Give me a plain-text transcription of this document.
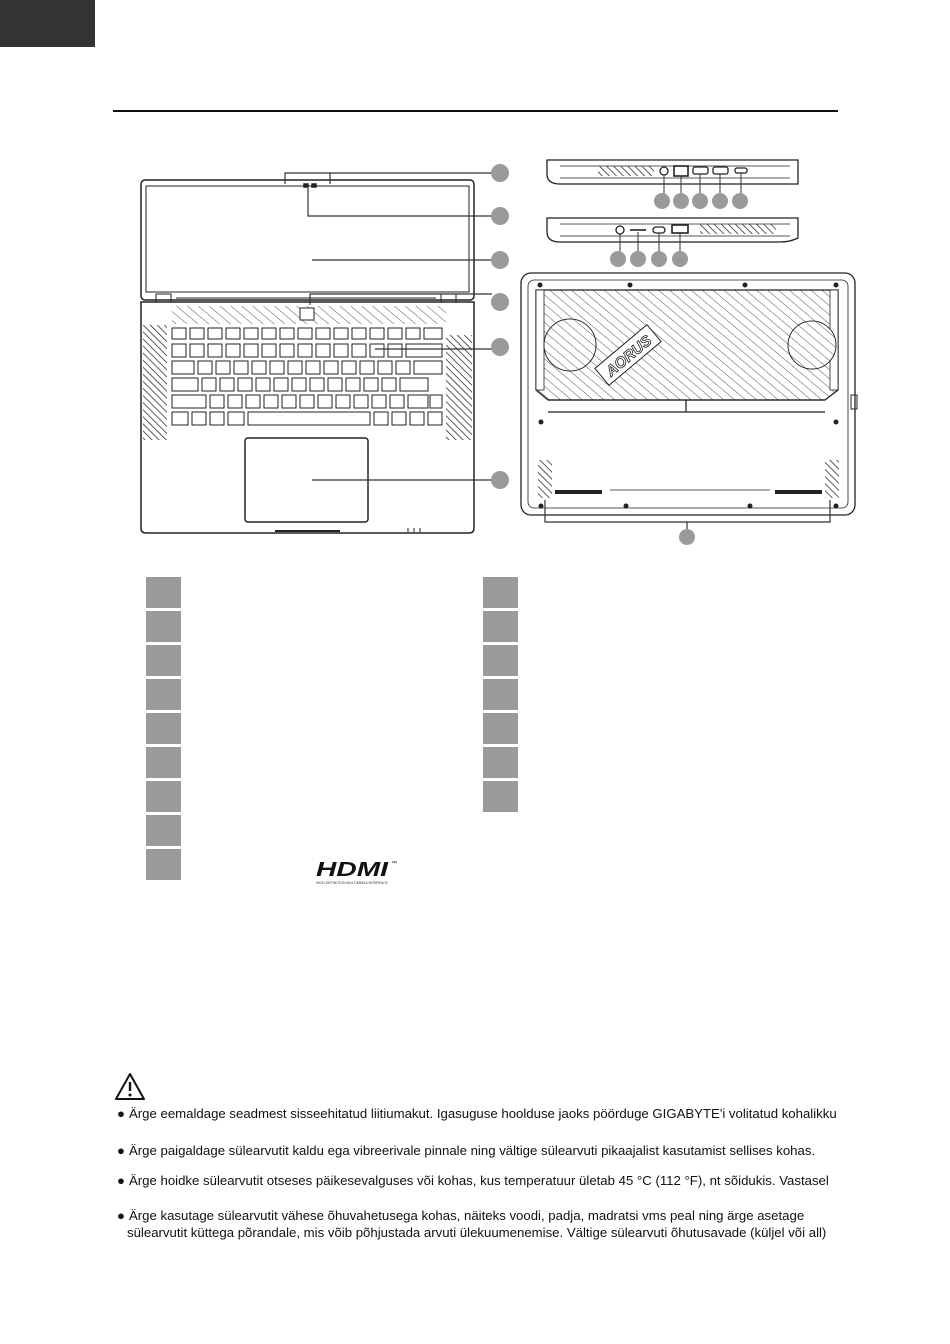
AORUS
HDMI ™
HIGH-DEFINITION MULTIMEDIA INTERFACE
● Ärge eemaldage seadmest sisseehitatud liitiumakut. Igasuguse hoolduse jaoks pöörduge GIGABYTE'i volitatud kohalikku
● Ärge paigaldage sülearvutit kaldu ega vibreerivale pinnale ning vältige sülearvuti pikaajalist kasutamist sellises kohas.
● Ärge hoidke sülearvutit otseses päikesevalguses või kohas, kus temperatuur ületab 45 °C (112 °F), nt sõidukis. Vastasel
● Ärge kasutage sülearvutit vähese õhuvahetusega kohas, näiteks voodi, padja, madratsi vms peal ning ärge asetage
sülearvutit küttega põrandale, mis võib põhjustada arvuti ülekuumenemise. Vältige sülearvuti õhutusavade (küljel või all)
